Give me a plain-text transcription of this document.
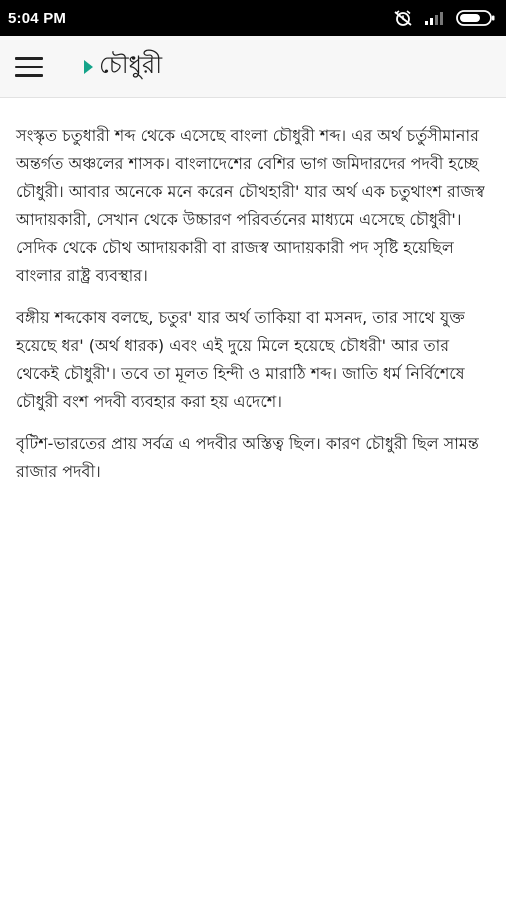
5:04 PM
চৌধুরী

সংস্কৃত চতুধারী শব্দ থেকে এসেছে বাংলা চৌধুরী শব্দ। এর অর্থ চর্তুসীমানার অন্তর্গত অঞ্চলের শাসক। বাংলাদেশের বেশির ভাগ জমিদারদের পদবী হচ্ছে চৌধুরী। আবার অনেকে মনে করেন চৌথহারী' যার অর্থ এক চতুথাংশ রাজস্ব আদায়কারী, সেখান থেকে উচ্চারণ পরিবর্তনের মাধ্যমে এসেছে চৌধুরী'। সেদিক থেকে চৌথ আদায়কারী বা রাজস্ব আদায়কারী পদ সৃষ্টি হয়েছিল বাংলার রাষ্ট্র ব্যবস্থার।

বঙ্গীয় শব্দকোষ বলছে, চতুর' যার অর্থ তাকিয়া বা মসনদ, তার সাথে যুক্ত হয়েছে ধর' (অর্থ ধারক) এবং এই দুয়ে মিলে হয়েছে চৌধরী' আর তার থেকেই চৌধুরী'। তবে তা মূলত হিন্দী ও মারাঠি শব্দ। জাতি ধর্ম নির্বিশেষে চৌধুরী বংশ পদবী ব্যবহার করা হয় এদেশে।

বৃটিশ-ভারতের প্রায় সর্বত্র এ পদবীর অস্তিত্ব ছিল। কারণ চৌধুরী ছিল সামন্ত রাজার পদবী।
